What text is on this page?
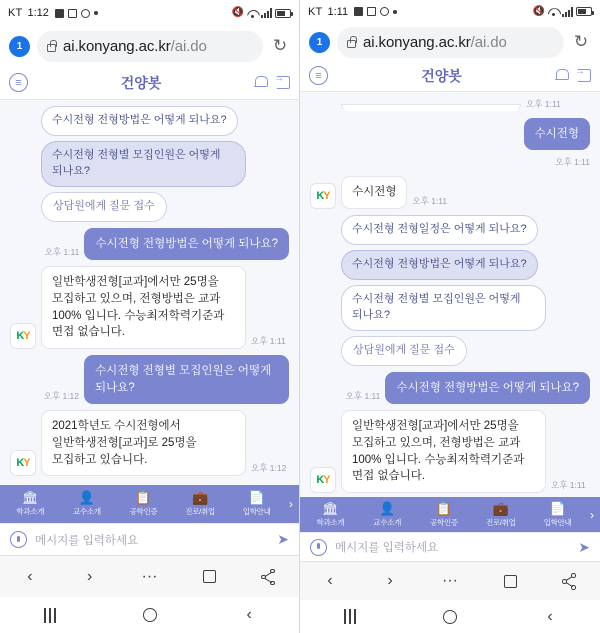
KT 1:12	🔇
1	ai.konyang.ac.kr/ai.do	↻
≡	건양봇
→
수시전형 전형방법은 어떻게 되나요?
수시전형 전형별 모집인원은 어떻게 되나요?
상담원에게 질문 접수
오후 1:11
수시전형 전형방법은 어떻게 되나요?
K Y
일반학생전형[교과]에서만 25명을 모집하고 있으며, 전형방법은 교과 100% 입니다. 수능최저학력기준과 면접 없습니다.
오후 1:11
오후 1:12
수시전형 전형별 모집인원은 어떻게 되나요?
K Y
2021학년도 수시전형에서 일반학생전형[교과]로 25명을 모집하고 있습니다.
오후 1:12
🏛
학과소개
👤
교수소개
📋
공학인증
💼
진로/취업
📄
입학안내
›
메시지를 입력하세요	➤
‹	›	···
‹
KT 1:11	🔇
1	ai.konyang.ac.kr/ai.do	↻
≡	건양봇
→
오후 1:11
수시전형
오후 1:11
K Y	수시전형
오후 1:11
수시전형 전형일정은 어떻게 되나요?
수시전형 전형방법은 어떻게 되나요?
수시전형 전형별 모집인원은 어떻게 되나요?
상담원에게 질문 접수
오후 1:11
수시전형 전형방법은 어떻게 되나요?
K Y
일반학생전형[교과]에서만 25명을 모집하고 있으며, 전형방법은 교과 100% 입니다. 수능최저학력기준과 면접 없습니다.
오후 1:11
🏛
학과소개
👤
교수소개
📋
공학인증
💼
진로/취업
📄
입학안내
›
메시지를 입력하세요	➤
‹	›	···
‹
